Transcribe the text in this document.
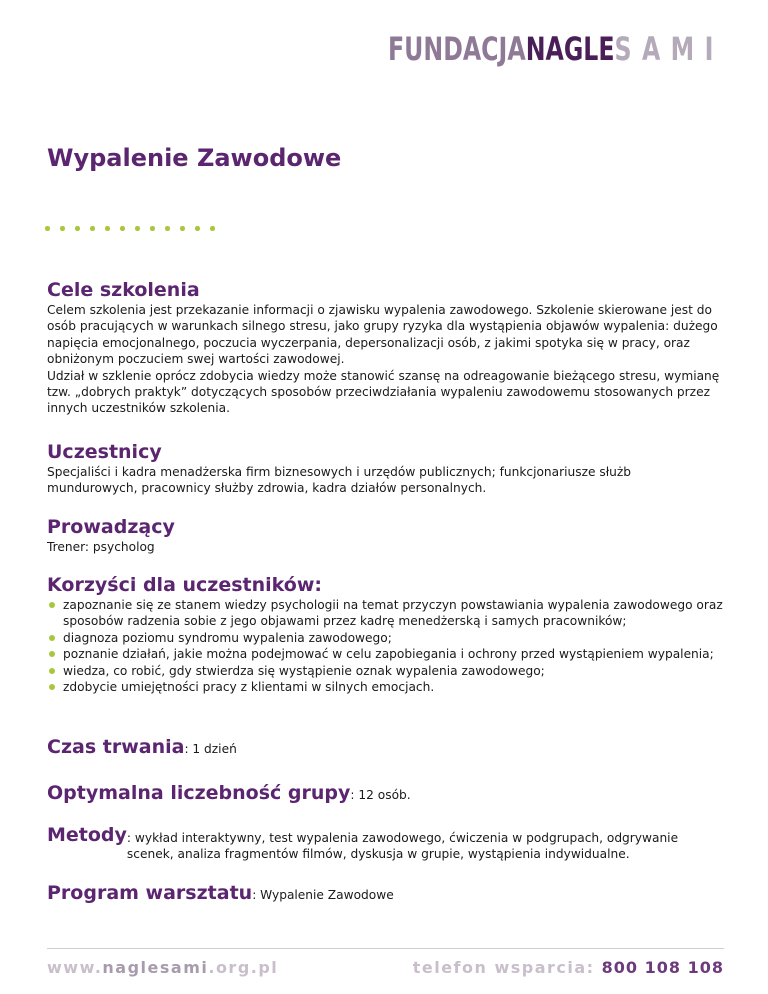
FUNDACJANAGLESAMI
Wypalenie Zawodowe
Cele szkolenia

Celem szkolenia jest przekazanie informacji o zjawisku wypalenia zawodowego. Szkolenie skierowane jest do osób pracujących w warunkach silnego stresu, jako grupy ryzyka dla wystąpienia objawów wypalenia: dużego napięcia emocjonalnego, poczucia wyczerpania, depersonalizacji osób, z jakimi spotyka się w pracy, oraz obniżonym poczuciem swej wartości zawodowej.

Udział w szklenie oprócz zdobycia wiedzy może stanowić szansę na odreagowanie bieżącego stresu, wymianę tzw. „dobrych praktyk” dotyczących sposobów przeciwdziałania wypaleniu zawodowemu stosowanych przez innych uczestników szkolenia.

Uczestnicy

Specjaliści i kadra menadżerska firm biznesowych i urzędów publicznych; funkcjonariusze służb mundurowych, pracownicy służby zdrowia, kadra działów personalnych.

Prowadzący

Trener: psycholog

Korzyści dla uczestników:
zapoznanie się ze stanem wiedzy psychologii na temat przyczyn powstawiania wypalenia zawodowego oraz sposobów radzenia sobie z jego objawami przez kadrę menedżerską i samych pracowników;
diagnoza poziomu syndromu wypalenia zawodowego;
poznanie działań, jakie można podejmować w celu zapobiegania i ochrony przed wystąpieniem wypalenia;
wiedza, co robić, gdy stwierdza się wystąpienie oznak wypalenia zawodowego;
zdobycie umiejętności pracy z klientami w silnych emocjach.
Czas trwania: 1 dzień
Optymalna liczebność grupy: 12 osób.
Metody : wykład interaktywny, test wypalenia zawodowego, ćwiczenia w podgrupach, odgrywanie scenek, analiza fragmentów filmów, dyskusja w grupie, wystąpienia indywidualne.
Program warsztatu: Wypalenie Zawodowe
www.naglesami.org.pl	telefon wsparcia: 800 108 108
